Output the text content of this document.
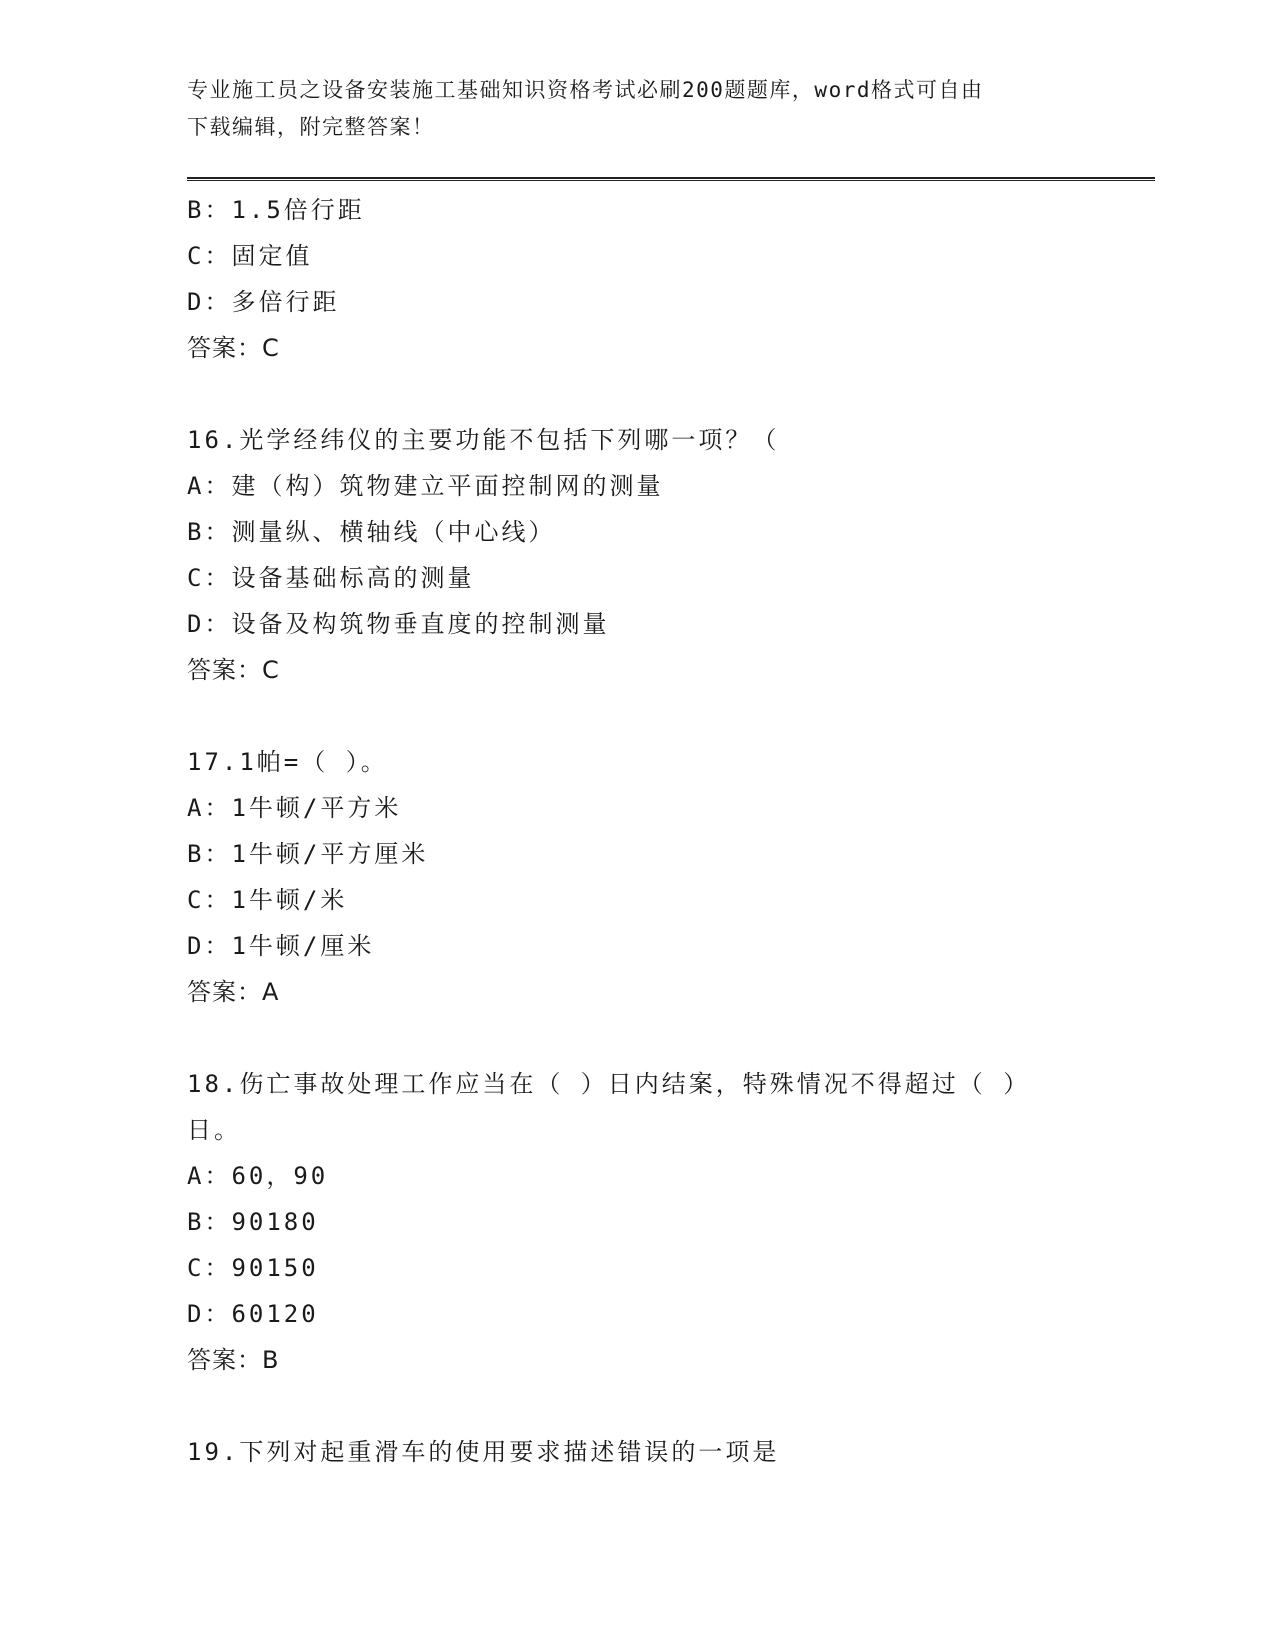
专业施工员之设备安装施工基础知识资格考试必刷200题题库，word格式可自由
下载编辑，附完整答案！
B：1.5倍行距
C：固定值
D：多倍行距
答案：C
16.光学经纬仪的主要功能不包括下列哪一项？（
A：建（构）筑物建立平面控制网的测量
B：测量纵、横轴线（中心线）
C：设备基础标高的测量
D：设备及构筑物垂直度的控制测量
答案：C
17.1帕=（ ）。
A：1牛顿/平方米
B：1牛顿/平方厘米
C：1牛顿/米
D：1牛顿/厘米
答案：A
18.伤亡事故处理工作应当在（ ）日内结案，特殊情况不得超过（ ）
日。
A：60，90
B：90180
C：90150
D：60120
答案：B
19.下列对起重滑车的使用要求描述错误的一项是
